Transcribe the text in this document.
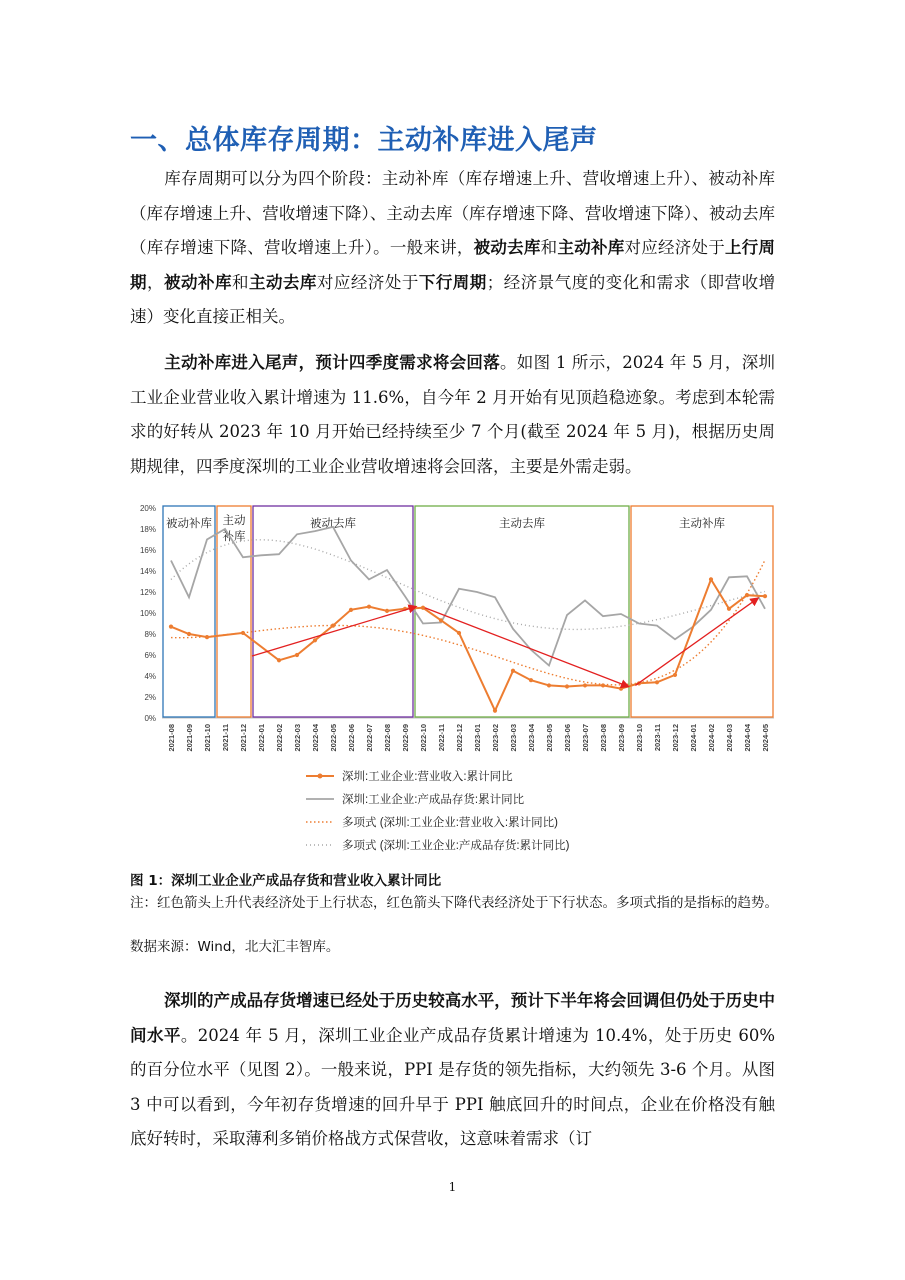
一、总体库存周期：主动补库进入尾声

库存周期可以分为四个阶段：主动补库（库存增速上升、营收增速上升）、被动补库（库存增速上升、营收增速下降）、主动去库（库存增速下降、营收增速下降）、被动去库（库存增速下降、营收增速上升）。一般来讲，被动去库和主动补库对应经济处于上行周期，被动补库和主动去库对应经济处于下行周期；经济景气度的变化和需求（即营收增速）变化直接正相关。

主动补库进入尾声，预计四季度需求将会回落。如图 1 所示，2024 年 5 月，深圳工业企业营业收入累计增速为 11.6%，自今年 2 月开始有见顶趋稳迹象。考虑到本轮需求的好转从 2023 年 10 月开始已经持续至少 7 个月(截至 2024 年 5 月)，根据历史周期规律，四季度深圳的工业企业营收增速将会回落，主要是外需走弱。

0%
2%
4%
6%
8%
10%
12%
14%
16%
18%
20%
2021-08 2021-09 2021-10 2021-11 2021-12 2022-01 2022-02 2022-03 2022-04 2022-05 2022-06 2022-07 2022-08 2022-09 2022-10 2022-11 2022-12 2023-01 2023-02 2023-03 2023-04 2023-05 2023-06 2023-07 2023-08 2023-09 2023-10 2023-11 2023-12 2024-01 2024-02 2024-03 2024-04 2024-05
被动补库 主动
补库
被动去库	主动去库	主动补库
深圳:工业企业:营业收入:累计同比
深圳:工业企业:产成品存货:累计同比
多项式 (深圳:工业企业:营业收入:累计同比)
多项式 (深圳:工业企业:产成品存货:累计同比)

图 1：深圳工业企业产成品存货和营业收入累计同比

注：红色箭头上升代表经济处于上行状态，红色箭头下降代表经济处于下行状态。多项式指的是指标的趋势。

数据来源：Wind，北大汇丰智库。

深圳的产成品存货增速已经处于历史较高水平，预计下半年将会回调但仍处于历史中间水平。2024 年 5 月，深圳工业企业产成品存货累计增速为 10.4%，处于历史 60%的百分位水平（见图 2）。一般来说，PPI 是存货的领先指标，大约领先 3-6 个月。从图 3 中可以看到，今年初存货增速的回升早于 PPI 触底回升的时间点，企业在价格没有触底好转时，采取薄利多销价格战方式保营收，这意味着需求（订

1
